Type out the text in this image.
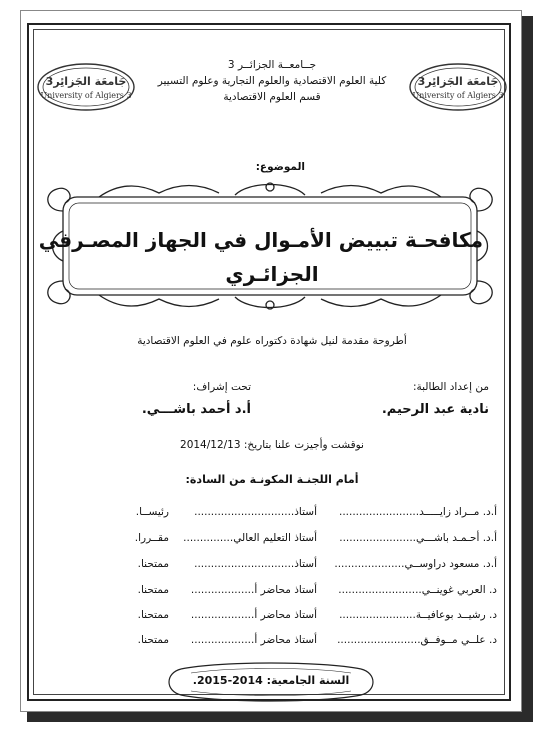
جَامعَة الجَزائِر3
University of Algiers 3
جَامعَة الجَزائِر3
University of Algiers 3
جــامعــة الجزائــر 3
كلية العلوم الاقتصادية والعلوم التجارية وعلوم التسيير
قسم العلوم الاقتصادية
الموضوع:
مكافحـة تبييض الأمـوال في الجهاز المصـرفي
الجزائـري
أطروحة مقدمة لنيل شهادة دكتوراه علوم في العلوم الاقتصادية
من إعداد الطالبة:
نادية عبد الرحيم.
تحت إشراف:
أ.د أحمد باشـــي.
نوقشت وأجيزت علنا بتاريخ: 2014/12/13
أمام اللجنـة المكونـة من السادة:
أ.د. مــراد زايـــــد........................
أستاذ..............................
رئيســا.
أ.د. أحـمـد باشـــي.......................
أستاذ التعليم العالي...............
مقــررا.
أ.د. مسعود دراوســي.....................
أستاذ..............................
ممتحنا.
د. العربي غوينــي.........................
أستاذ محاضر أ...................
ممتحنا.
د. رشيــد بوعافيــة.......................
أستاذ محاضر أ...................
ممتحنا.
د. علــي مــوفــق.........................
أستاذ محاضر أ...................
ممتحنا.
السنة الجامعية: 2014-2015.
